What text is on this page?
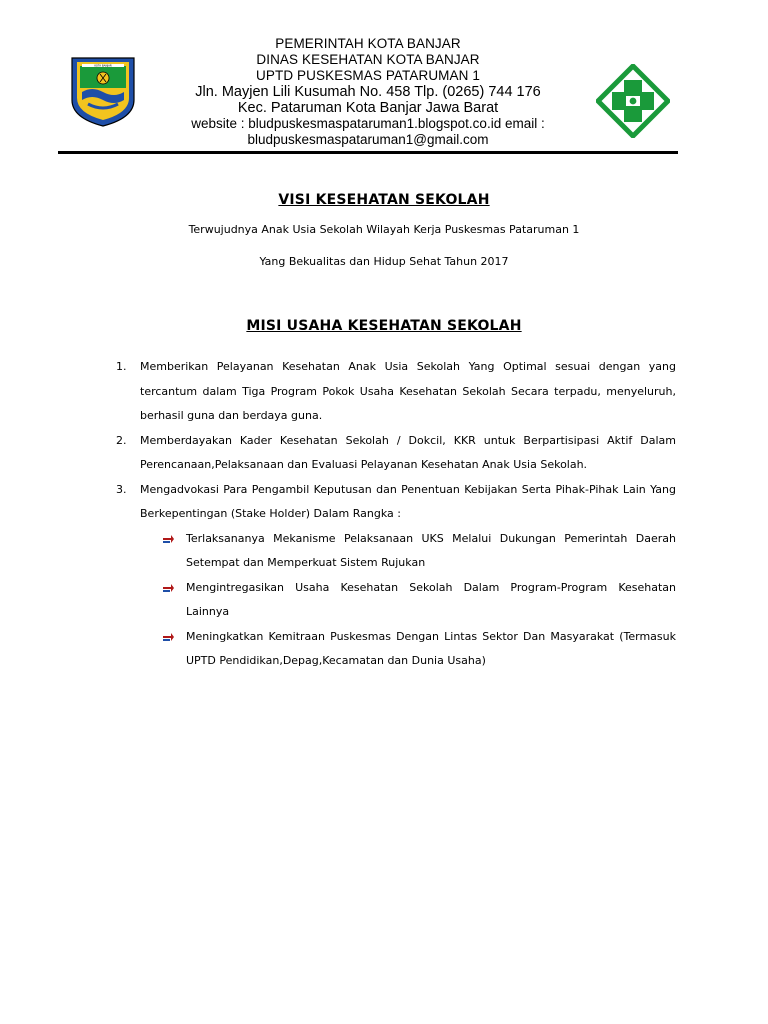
KOTA BANJAR
PEMERINTAH KOTA BANJAR
DINAS KESEHATAN KOTA BANJAR
UPTD PUSKESMAS PATARUMAN 1
Jln. Mayjen Lili Kusumah No. 458 Tlp. (0265) 744 176
Kec. Pataruman Kota Banjar Jawa Barat
website : bludpuskesmaspataruman1.blogspot.co.id email :
bludpuskesmaspataruman1@gmail.com
VISI KESEHATAN SEKOLAH
Terwujudnya Anak Usia Sekolah Wilayah Kerja Puskesmas Pataruman 1
Yang Bekualitas dan Hidup Sehat Tahun 2017
MISI USAHA KESEHATAN SEKOLAH
1. Memberikan Pelayanan Kesehatan Anak Usia Sekolah Yang Optimal sesuai dengan yang tercantum dalam Tiga Program Pokok Usaha Kesehatan Sekolah Secara terpadu, menyeluruh, berhasil guna dan berdaya guna.
2. Memberdayakan Kader Kesehatan Sekolah / Dokcil, KKR untuk Berpartisipasi Aktif Dalam Perencanaan,Pelaksanaan dan Evaluasi Pelayanan Kesehatan Anak Usia Sekolah.
3. Mengadvokasi Para Pengambil Keputusan dan Penentuan Kebijakan Serta Pihak-Pihak Lain Yang Berkepentingan (Stake Holder) Dalam Rangka :
Terlaksananya Mekanisme Pelaksanaan UKS Melalui Dukungan Pemerintah Daerah Setempat dan Memperkuat Sistem Rujukan
Mengintregasikan Usaha Kesehatan Sekolah Dalam Program-Program Kesehatan Lainnya
Meningkatkan Kemitraan Puskesmas Dengan Lintas Sektor Dan Masyarakat (Termasuk UPTD Pendidikan,Depag,Kecamatan dan Dunia Usaha)
